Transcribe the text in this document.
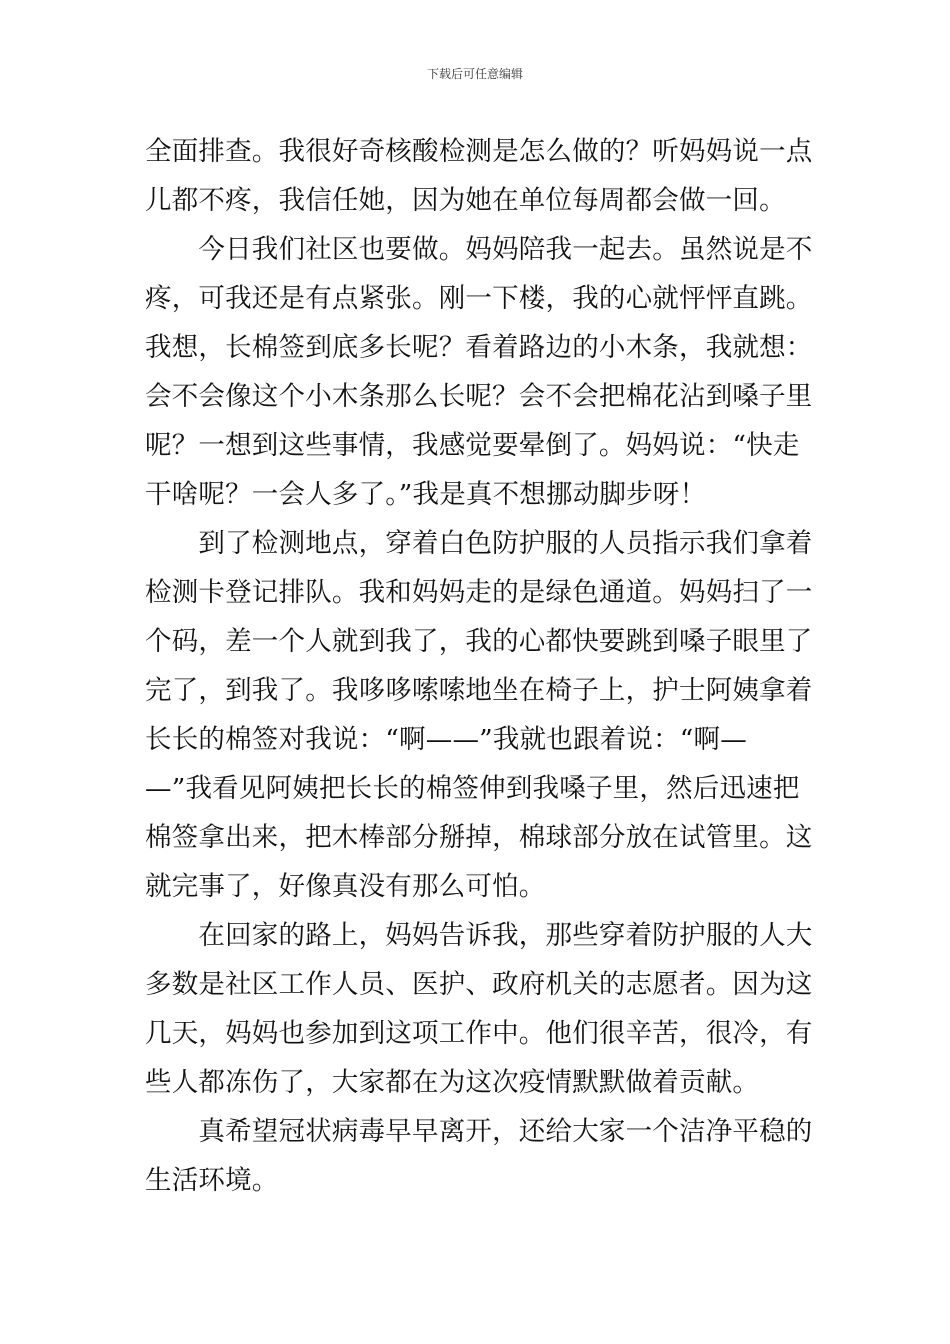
下载后可任意编辑
全面排查。我很好奇核酸检测是怎么做的？听妈妈说一点
儿都不疼，我信任她，因为她在单位每周都会做一回。
　　今日我们社区也要做。妈妈陪我一起去。虽然说是不
疼，可我还是有点紧张。刚一下楼，我的心就怦怦直跳。
我想，长棉签到底多长呢？看着路边的小木条，我就想：
会不会像这个小木条那么长呢？会不会把棉花沾到嗓子里
呢？一想到这些事情，我感觉要晕倒了。妈妈说：“快走
干啥呢？一会人多了。”我是真不想挪动脚步呀！
　　到了检测地点，穿着白色防护服的人员指示我们拿着
检测卡登记排队。我和妈妈走的是绿色通道。妈妈扫了一
个码，差一个人就到我了，我的心都快要跳到嗓子眼里了
完了，到我了。我哆哆嗦嗦地坐在椅子上，护士阿姨拿着
长长的棉签对我说：“啊——”我就也跟着说：“啊—
—”我看见阿姨把长长的棉签伸到我嗓子里，然后迅速把
棉签拿出来，把木棒部分掰掉，棉球部分放在试管里。这
就完事了，好像真没有那么可怕。
　　在回家的路上，妈妈告诉我，那些穿着防护服的人大
多数是社区工作人员、医护、政府机关的志愿者。因为这
几天，妈妈也参加到这项工作中。他们很辛苦，很冷，有
些人都冻伤了，大家都在为这次疫情默默做着贡献。
　　真希望冠状病毒早早离开，还给大家一个洁净平稳的
生活环境。
